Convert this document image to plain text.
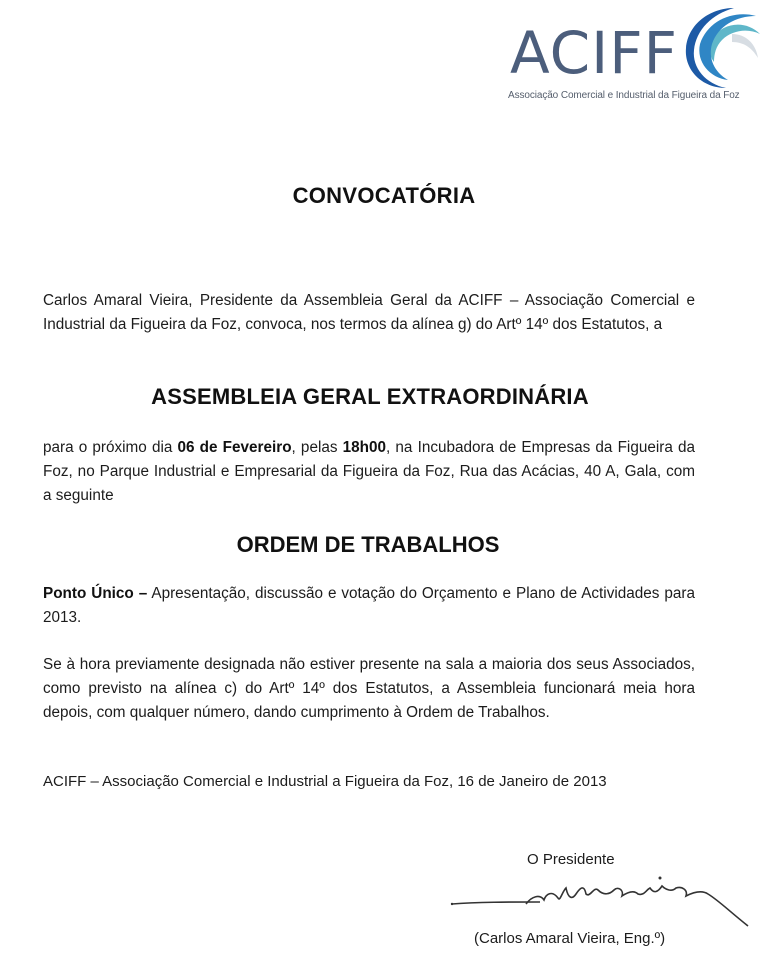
ACIFF
Associação Comercial e Industrial da Figueira da Foz
CONVOCATÓRIA

Carlos Amaral Vieira, Presidente da Assembleia Geral da ACIFF – Associação Comercial e Industrial da Figueira da Foz, convoca, nos termos da alínea g) do Artº 14º dos Estatutos, a

ASSEMBLEIA GERAL EXTRAORDINÁRIA

para o próximo dia 06 de Fevereiro, pelas 18h00, na Incubadora de Empresas da Figueira da Foz, no Parque Industrial e Empresarial da Figueira da Foz, Rua das Acácias, 40 A, Gala, com a seguinte

ORDEM DE TRABALHOS

Ponto Único – Apresentação, discussão e votação do Orçamento e Plano de Actividades para 2013.

Se à hora previamente designada não estiver presente na sala a maioria dos seus Associados, como previsto na alínea c) do Artº 14º dos Estatutos, a Assembleia funcionará meia hora depois, com qualquer número, dando cumprimento à Ordem de Trabalhos.

ACIFF – Associação Comercial e Industrial a Figueira da Foz, 16 de Janeiro de 2013

O Presidente
(Carlos Amaral Vieira, Eng.º)
